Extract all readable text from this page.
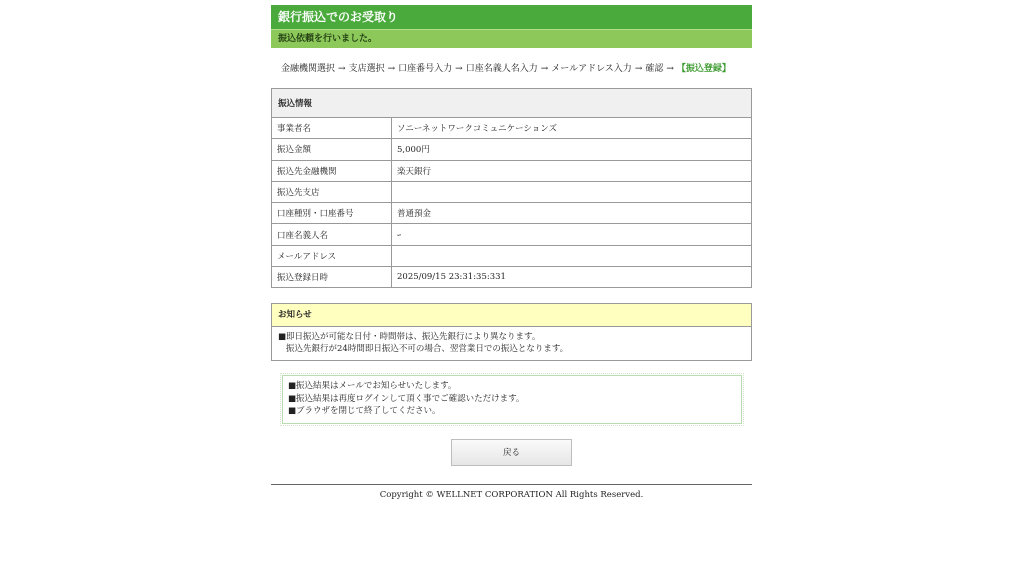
銀行振込でのお受取り
振込依頼を行いました。
金融機関選択 → 支店選択 → 口座番号入力 → 口座名義人名入力 → メールアドレス入力 → 確認 → 【振込登録】
振込情報	
事業者名	ソニーネットワークコミュニケーションズ
振込金額	5,000円
振込先金融機関	楽天銀行
振込先支店	
口座種別・口座番号	普通預金
口座名義人名	ｰ
メールアドレス	
振込登録日時	2025/09/15 23:31:35:331
お知らせ
■即日振込が可能な日付・時間帯は、振込先銀行により異なります。
振込先銀行が24時間即日振込不可の場合、翌営業日での振込となります。
■振込結果はメールでお知らせいたします。
■振込結果は再度ログインして頂く事でご確認いただけます。
■ブラウザを閉じて終了してください。
戻る
Copyright © WELLNET CORPORATION All Rights Reserved.
